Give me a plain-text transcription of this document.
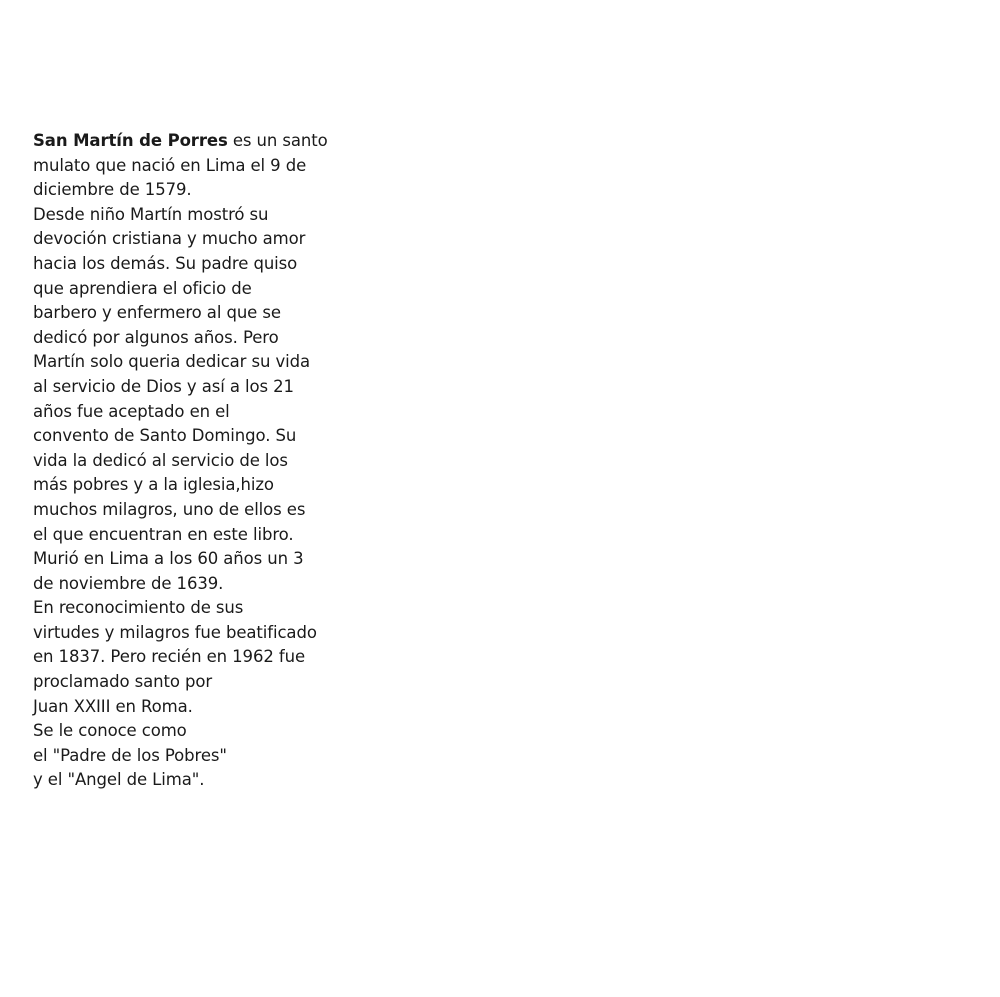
San Martín de Porres es un santo
mulato que nació en Lima el 9 de
diciembre de 1579.
Desde niño Martín mostró su
devoción cristiana y mucho amor
hacia los demás. Su padre quiso
que aprendiera el oficio de
barbero y enfermero al que se
dedicó por algunos años. Pero
Martín solo queria dedicar su vida
al servicio de Dios y así a los 21
años fue aceptado en el
convento de Santo Domingo. Su
vida la dedicó al servicio de los
más pobres y a la iglesia,hizo
muchos milagros, uno de ellos es
el que encuentran en este libro.
Murió en Lima a los 60 años un 3
de noviembre de 1639.
En reconocimiento de sus
virtudes y milagros fue beatificado
en 1837. Pero recién en 1962 fue
proclamado santo por
Juan XXIII en Roma.
Se le conoce como
el "Padre de los Pobres"
y el "Angel de Lima".
